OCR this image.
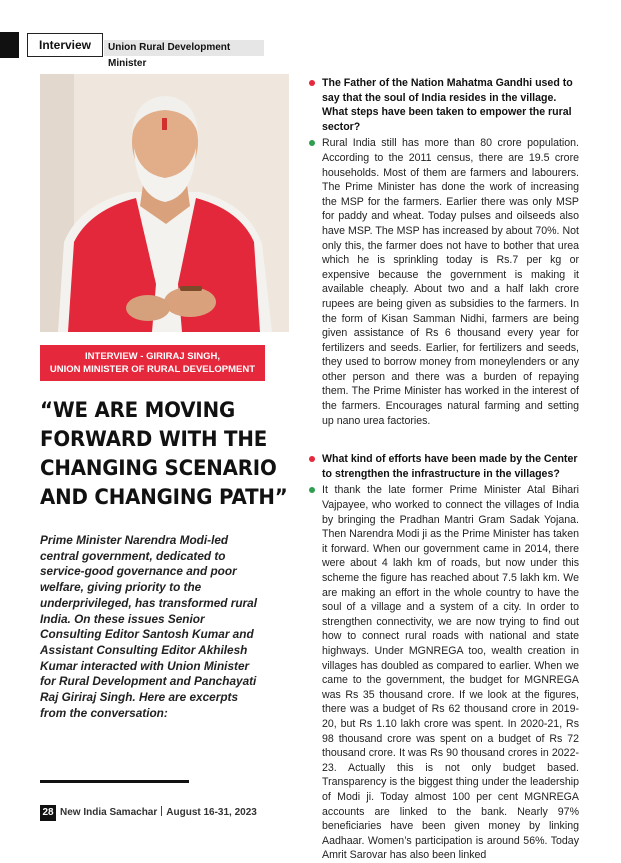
Interview	Union Rural Development Minister
INTERVIEW - GIRIRAJ SINGH,
UNION MINISTER OF RURAL DEVELOPMENT
“WE ARE MOVING
FORWARD WITH THE
CHANGING SCENARIO
AND CHANGING PATH”
Prime Minister Narendra Modi-led central government, dedicated to service-good governance and poor welfare, giving priority to the underprivileged, has transformed rural India. On these issues Senior Consulting Editor Santosh Kumar and Assistant Consulting Editor Akhilesh Kumar interacted with Union Minister for Rural Development and Panchayati Raj Giriraj Singh. Here are excerpts from the conversation:
The Father of the Nation Mahatma Gandhi used to say that the soul of India resides in the village. What steps have been taken to empower the rural sector?
Rural India still has more than 80 crore population. According to the 2011 census, there are 19.5 crore households. Most of them are farmers and labourers. The Prime Minister has done the work of increasing the MSP for the farmers. Earlier there was only MSP for paddy and wheat. Today pulses and oilseeds also have MSP. The MSP has increased by about 70%. Not only this, the farmer does not have to bother that urea which he is sprinkling today is Rs.7 per kg or expensive because the government is making it available cheaply. About two and a half lakh crore rupees are being given as subsidies to the farmers. In the form of Kisan Samman Nidhi, farmers are being given assistance of Rs 6 thousand every year for fertilizers and seeds. Earlier, for fertilizers and seeds, they used to borrow money from moneylenders or any other person and there was a burden of repaying them. The Prime Minister has worked in the interest of the farmers. Encourages natural farming and setting up nano urea factories.
What kind of efforts have been made by the Center to strengthen the infrastructure in the villages?
It thank the late former Prime Minister Atal Bihari Vajpayee, who worked to connect the villages of India by bringing the Pradhan Mantri Gram Sadak Yojana. Then Narendra Modi ji as the Prime Minister has taken it forward. When our government came in 2014, there were about 4 lakh km of roads, but now under this scheme the figure has reached about 7.5 lakh km. We are making an effort in the whole country to have the soul of a village and a system of a city. In order to strengthen connectivity, we are now trying to find out how to connect rural roads with national and state highways. Under MGNREGA too, wealth creation in villages has doubled as compared to earlier. When we came to the government, the budget for MGNREGA was Rs 35 thousand crore. If we look at the figures, there was a budget of Rs 62 thousand crore in 2019-20, but Rs 1.10 lakh crore was spent. In 2020-21, Rs 98 thousand crore was spent on a budget of Rs 72 thousand crore. It was Rs 90 thousand crores in 2022-23. Actually this is not only budget based. Transparency is the biggest thing under the leadership of Modi ji. Today almost 100 per cent MGNREGA accounts are linked to the bank. Nearly 97% beneficiaries have been given money by linking Aadhaar. Women’s participation is around 56%. Today Amrit Sarovar has also been linked
28 New India Samachar August 16-31, 2023
